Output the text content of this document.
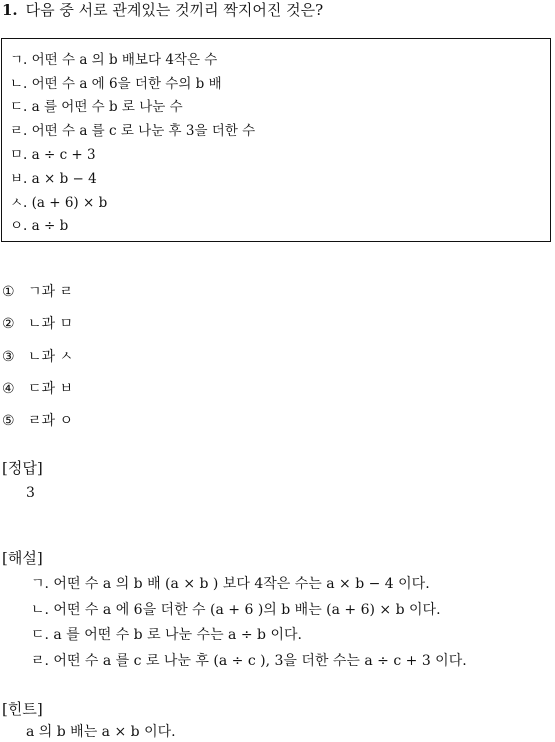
1. 다음 중 서로 관계있는 것끼리 짝지어진 것은?
ㄱ. 어떤 수 a 의 b 배보다 4작은 수
ㄴ. 어떤 수 a 에 6을 더한 수의 b 배
ㄷ. a 를 어떤 수 b 로 나눈 수
ㄹ. 어떤 수 a 를 c 로 나눈 후 3을 더한 수
ㅁ. a ÷ c + 3
ㅂ. a × b − 4
ㅅ. (a + 6) × b
ㅇ. a ÷ b
① ㄱ과 ㄹ
② ㄴ과 ㅁ
③ ㄴ과 ㅅ
④ ㄷ과 ㅂ
⑤ ㄹ과 ㅇ
[정답]
3
[해설]
ㄱ. 어떤 수 a 의 b 배 (a × b ) 보다 4작은 수는 a × b − 4 이다.
ㄴ. 어떤 수 a 에 6을 더한 수 (a + 6 )의 b 배는 (a + 6) × b 이다.
ㄷ. a 를 어떤 수 b 로 나눈 수는 a ÷ b 이다.
ㄹ. 어떤 수 a 를 c 로 나눈 후 (a ÷ c ), 3을 더한 수는 a ÷ c + 3 이다.
[힌트]
a 의 b 배는 a × b 이다.
